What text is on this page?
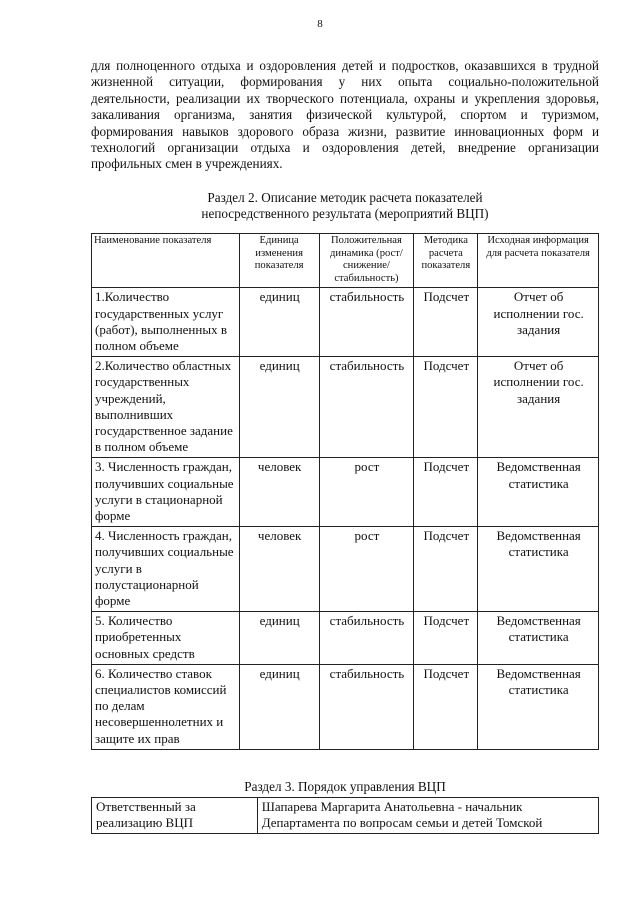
8
для полноценного отдыха и оздоровления детей и подростков, оказавшихся в трудной жизненной ситуации, формирования у них опыта социально-положительной деятельности, реализации их творческого потенциала, охраны и укрепления здоровья, закаливания организма, занятия физической культурой, спортом и туризмом, формирования навыков здорового образа жизни, развитие инновационных форм и технологий организации отдыха и оздоровления детей, внедрение организации профильных смен в учреждениях.
Раздел 2. Описание методик расчета показателей
непосредственного результата (мероприятий ВЦП)
Наименование показателя	Единица изменения показателя	Положительная динамика (рост/снижение/ стабильность)	Методика расчета показателя	Исходная информация для расчета показателя
1.Количество государственных услуг (работ), выполненных в полном объеме	единиц	стабильность	Подсчет	Отчет об исполнении гос. задания
2.Количество областных государственных учреждений, выполнивших государственное задание в полном объеме	единиц	стабильность	Подсчет	Отчет об исполнении гос. задания
3. Численность граждан, получивших социальные услуги в стационарной форме	человек	рост	Подсчет	Ведомственная статистика
4. Численность граждан, получивших социальные услуги в полустационарной форме	человек	рост	Подсчет	Ведомственная статистика
5. Количество приобретенных основных средств	единиц	стабильность	Подсчет	Ведомственная статистика
6. Количество ставок специалистов комиссий по делам несовершеннолетних и защите их прав	единиц	стабильность	Подсчет	Ведомственная статистика
Раздел 3. Порядок управления ВЦП
Ответственный за реализацию ВЦП	Шапарева Маргарита Анатольевна - начальник Департамента по вопросам семьи и детей Томской
